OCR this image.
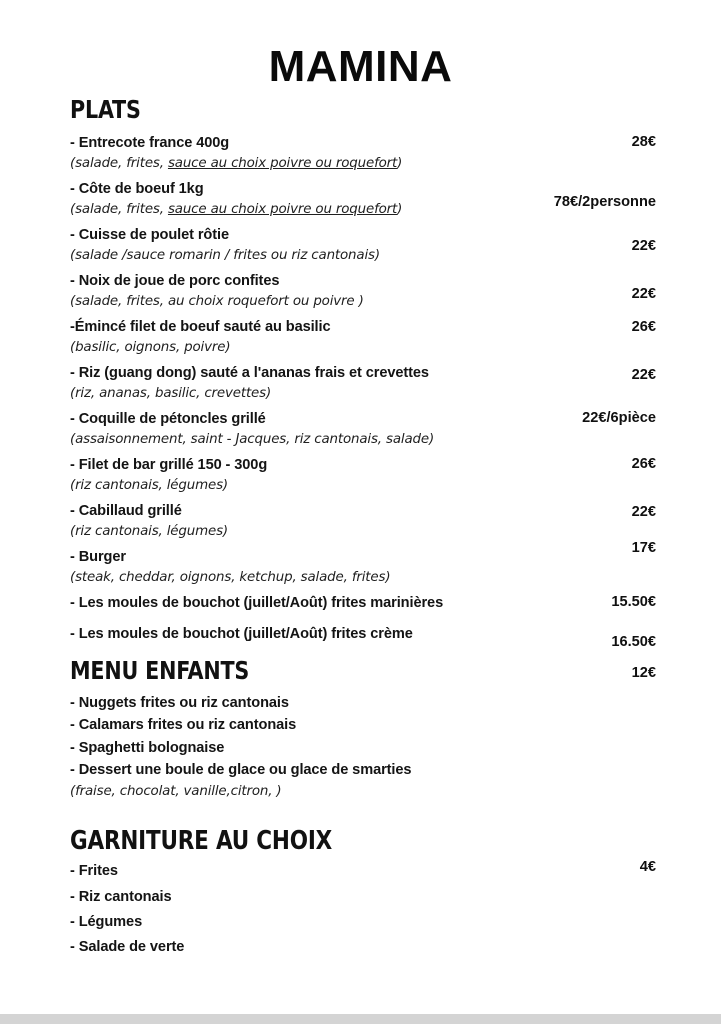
MAMINA
PLATS
28€
- Entrecote france 400g
(salade, frites, sauce au choix poivre ou roquefort)
78€/2personne
- Côte de boeuf 1kg
(salade, frites, sauce au choix poivre ou roquefort)
22€
- Cuisse de poulet rôtie
(salade /sauce romarin / frites ou riz cantonais)
22€
- Noix de joue de porc confites
(salade, frites, au choix roquefort ou poivre )
26€
-Émincé filet de boeuf sauté au basilic
(basilic, oignons, poivre)
22€
- Riz (guang dong) sauté a l'ananas frais et crevettes
(riz, ananas, basilic, crevettes)
22€/6pièce
- Coquille de pétoncles grillé
(assaisonnement, saint - Jacques, riz cantonais, salade)
26€
- Filet de bar grillé 150 - 300g
(riz cantonais, légumes)
22€
- Cabillaud grillé
(riz cantonais, légumes)
17€
- Burger
(steak, cheddar, oignons, ketchup, salade, frites)
15.50€
- Les moules de bouchot (juillet/Août) frites marinières
16.50€
- Les moules de bouchot (juillet/Août) frites crème
12€
MENU ENFANTS
- Nuggets frites ou riz cantonais
- Calamars frites ou riz cantonais
- Spaghetti bolognaise
- Dessert une boule de glace ou glace de smarties
(fraise, chocolat, vanille,citron, )
4€
GARNITURE AU CHOIX
- Frites
- Riz cantonais
- Légumes
- Salade de verte
